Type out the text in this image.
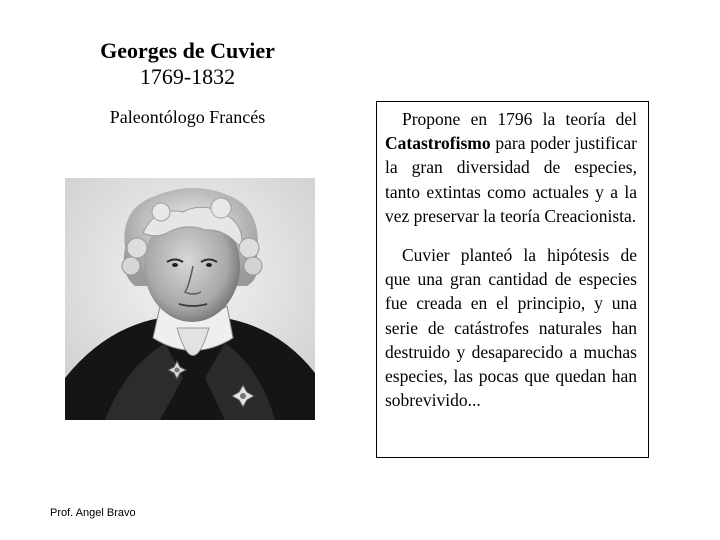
Georges de Cuvier
1769-1832
Paleontólogo Francés	Propone en 1796 la teoría del Catastrofismo para poder justificar la gran diversidad de especies, tanto extintas como actuales y a la vez preservar la teoría Creacionista.

Cuvier planteó la hipótesis de que una gran cantidad de especies fue creada en el principio, y una serie de catástrofes naturales han destruido y desaparecido a muchas especies, las pocas que quedan han sobrevivido...

Prof. Angel Bravo
